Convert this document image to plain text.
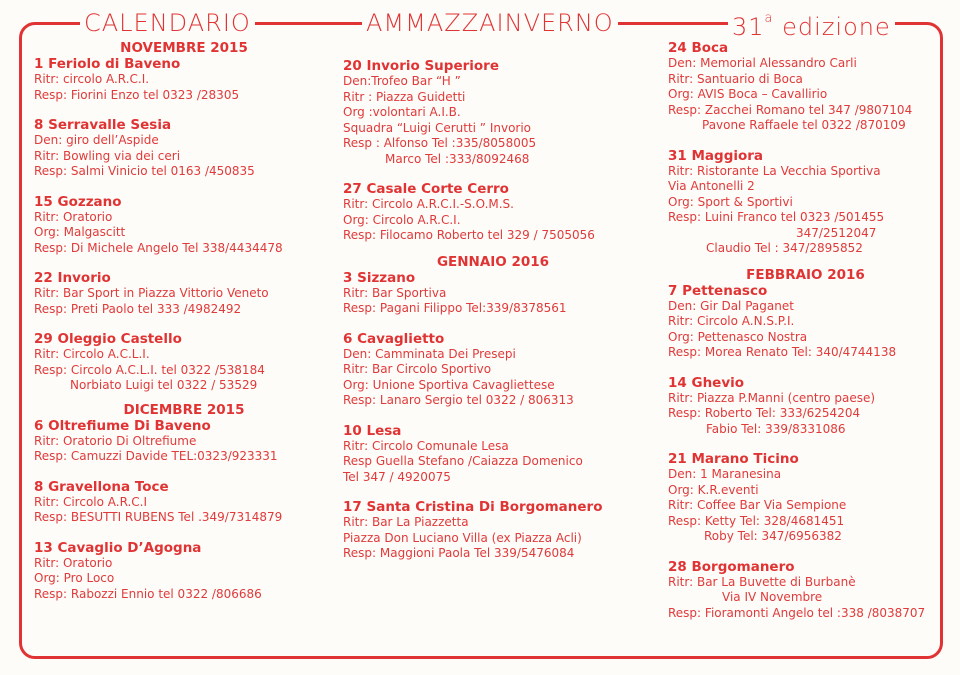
CALENDARIO	AMMAZZAINVERNO	31$^a$ edizione
NOVEMBRE 2015
1 Feriolo di Baveno
Ritr: circolo A.R.C.I.
Resp: Fiorini Enzo tel 0323 /28305
8 Serravalle Sesia
Den: giro dell’Aspide
Ritr: Bowling via dei ceri
Resp: Salmi Vinicio tel 0163 /450835
15 Gozzano
Ritr: Oratorio
Org: Malgascitt
Resp: Di Michele Angelo Tel 338/4434478
22 Invorio
Ritr: Bar Sport in Piazza Vittorio Veneto
Resp: Preti Paolo tel 333 /4982492
29 Oleggio Castello
Ritr: Circolo A.C.L.I.
Resp: Circolo A.C.L.I. tel 0322 /538184
Norbiato Luigi tel 0322 / 53529
DICEMBRE 2015
6 Oltrefiume Di Baveno
Ritr: Oratorio Di Oltrefiume
Resp: Camuzzi Davide TEL:0323/923331
8 Gravellona Toce
Ritr: Circolo A.R.C.I
Resp: BESUTTI RUBENS Tel .349/7314879
13 Cavaglio D’Agogna
Ritr: Oratorio
Org: Pro Loco
Resp: Rabozzi Ennio tel 0322 /806686
20 Invorio Superiore
Den:Trofeo Bar “H ”
Ritr : Piazza Guidetti
Org :volontari A.I.B.
Squadra “Luigi Cerutti ” Invorio
Resp : Alfonso Tel :335/8058005
Marco Tel :333/8092468
27 Casale Corte Cerro
Ritr: Circolo A.R.C.I.-S.O.M.S.
Org: Circolo A.R.C.I.
Resp: Filocamo Roberto tel 329 / 7505056
GENNAIO 2016
3 Sizzano
Ritr: Bar Sportiva
Resp: Pagani Filippo Tel:339/8378561
6 Cavaglietto
Den: Camminata Dei Presepi
Ritr: Bar Circolo Sportivo
Org: Unione Sportiva Cavagliettese
Resp: Lanaro Sergio tel 0322 / 806313
10 Lesa
Ritr: Circolo Comunale Lesa
Resp Guella Stefano /Caiazza Domenico
Tel 347 / 4920075
17 Santa Cristina Di Borgomanero
Ritr: Bar La Piazzetta
Piazza Don Luciano Villa (ex Piazza Acli)
Resp: Maggioni Paola Tel 339/5476084
24 Boca
Den: Memorial Alessandro Carli
Ritr: Santuario di Boca
Org: AVIS Boca – Cavallirio
Resp: Zacchei Romano tel 347 /9807104
Pavone Raffaele tel 0322 /870109
31 Maggiora
Ritr: Ristorante La Vecchia Sportiva
Via Antonelli 2
Org: Sport & Sportivi
Resp: Luini Franco tel 0323 /501455
347/2512047
Claudio Tel : 347/2895852
FEBBRAIO 2016
7 Pettenasco
Den: Gir Dal Paganet
Ritr: Circolo A.N.S.P.I.
Org: Pettenasco Nostra
Resp: Morea Renato Tel: 340/4744138
14 Ghevio
Ritr: Piazza P.Manni (centro paese)
Resp: Roberto Tel: 333/6254204
Fabio Tel: 339/8331086
21 Marano Ticino
Den: 1 Maranesina
Org: K.R.eventi
Ritr: Coffee Bar Via Sempione
Resp: Ketty Tel: 328/4681451
Roby Tel: 347/6956382
28 Borgomanero
Ritr: Bar La Buvette di Burbanè
Via IV Novembre
Resp: Fioramonti Angelo tel :338 /8038707
